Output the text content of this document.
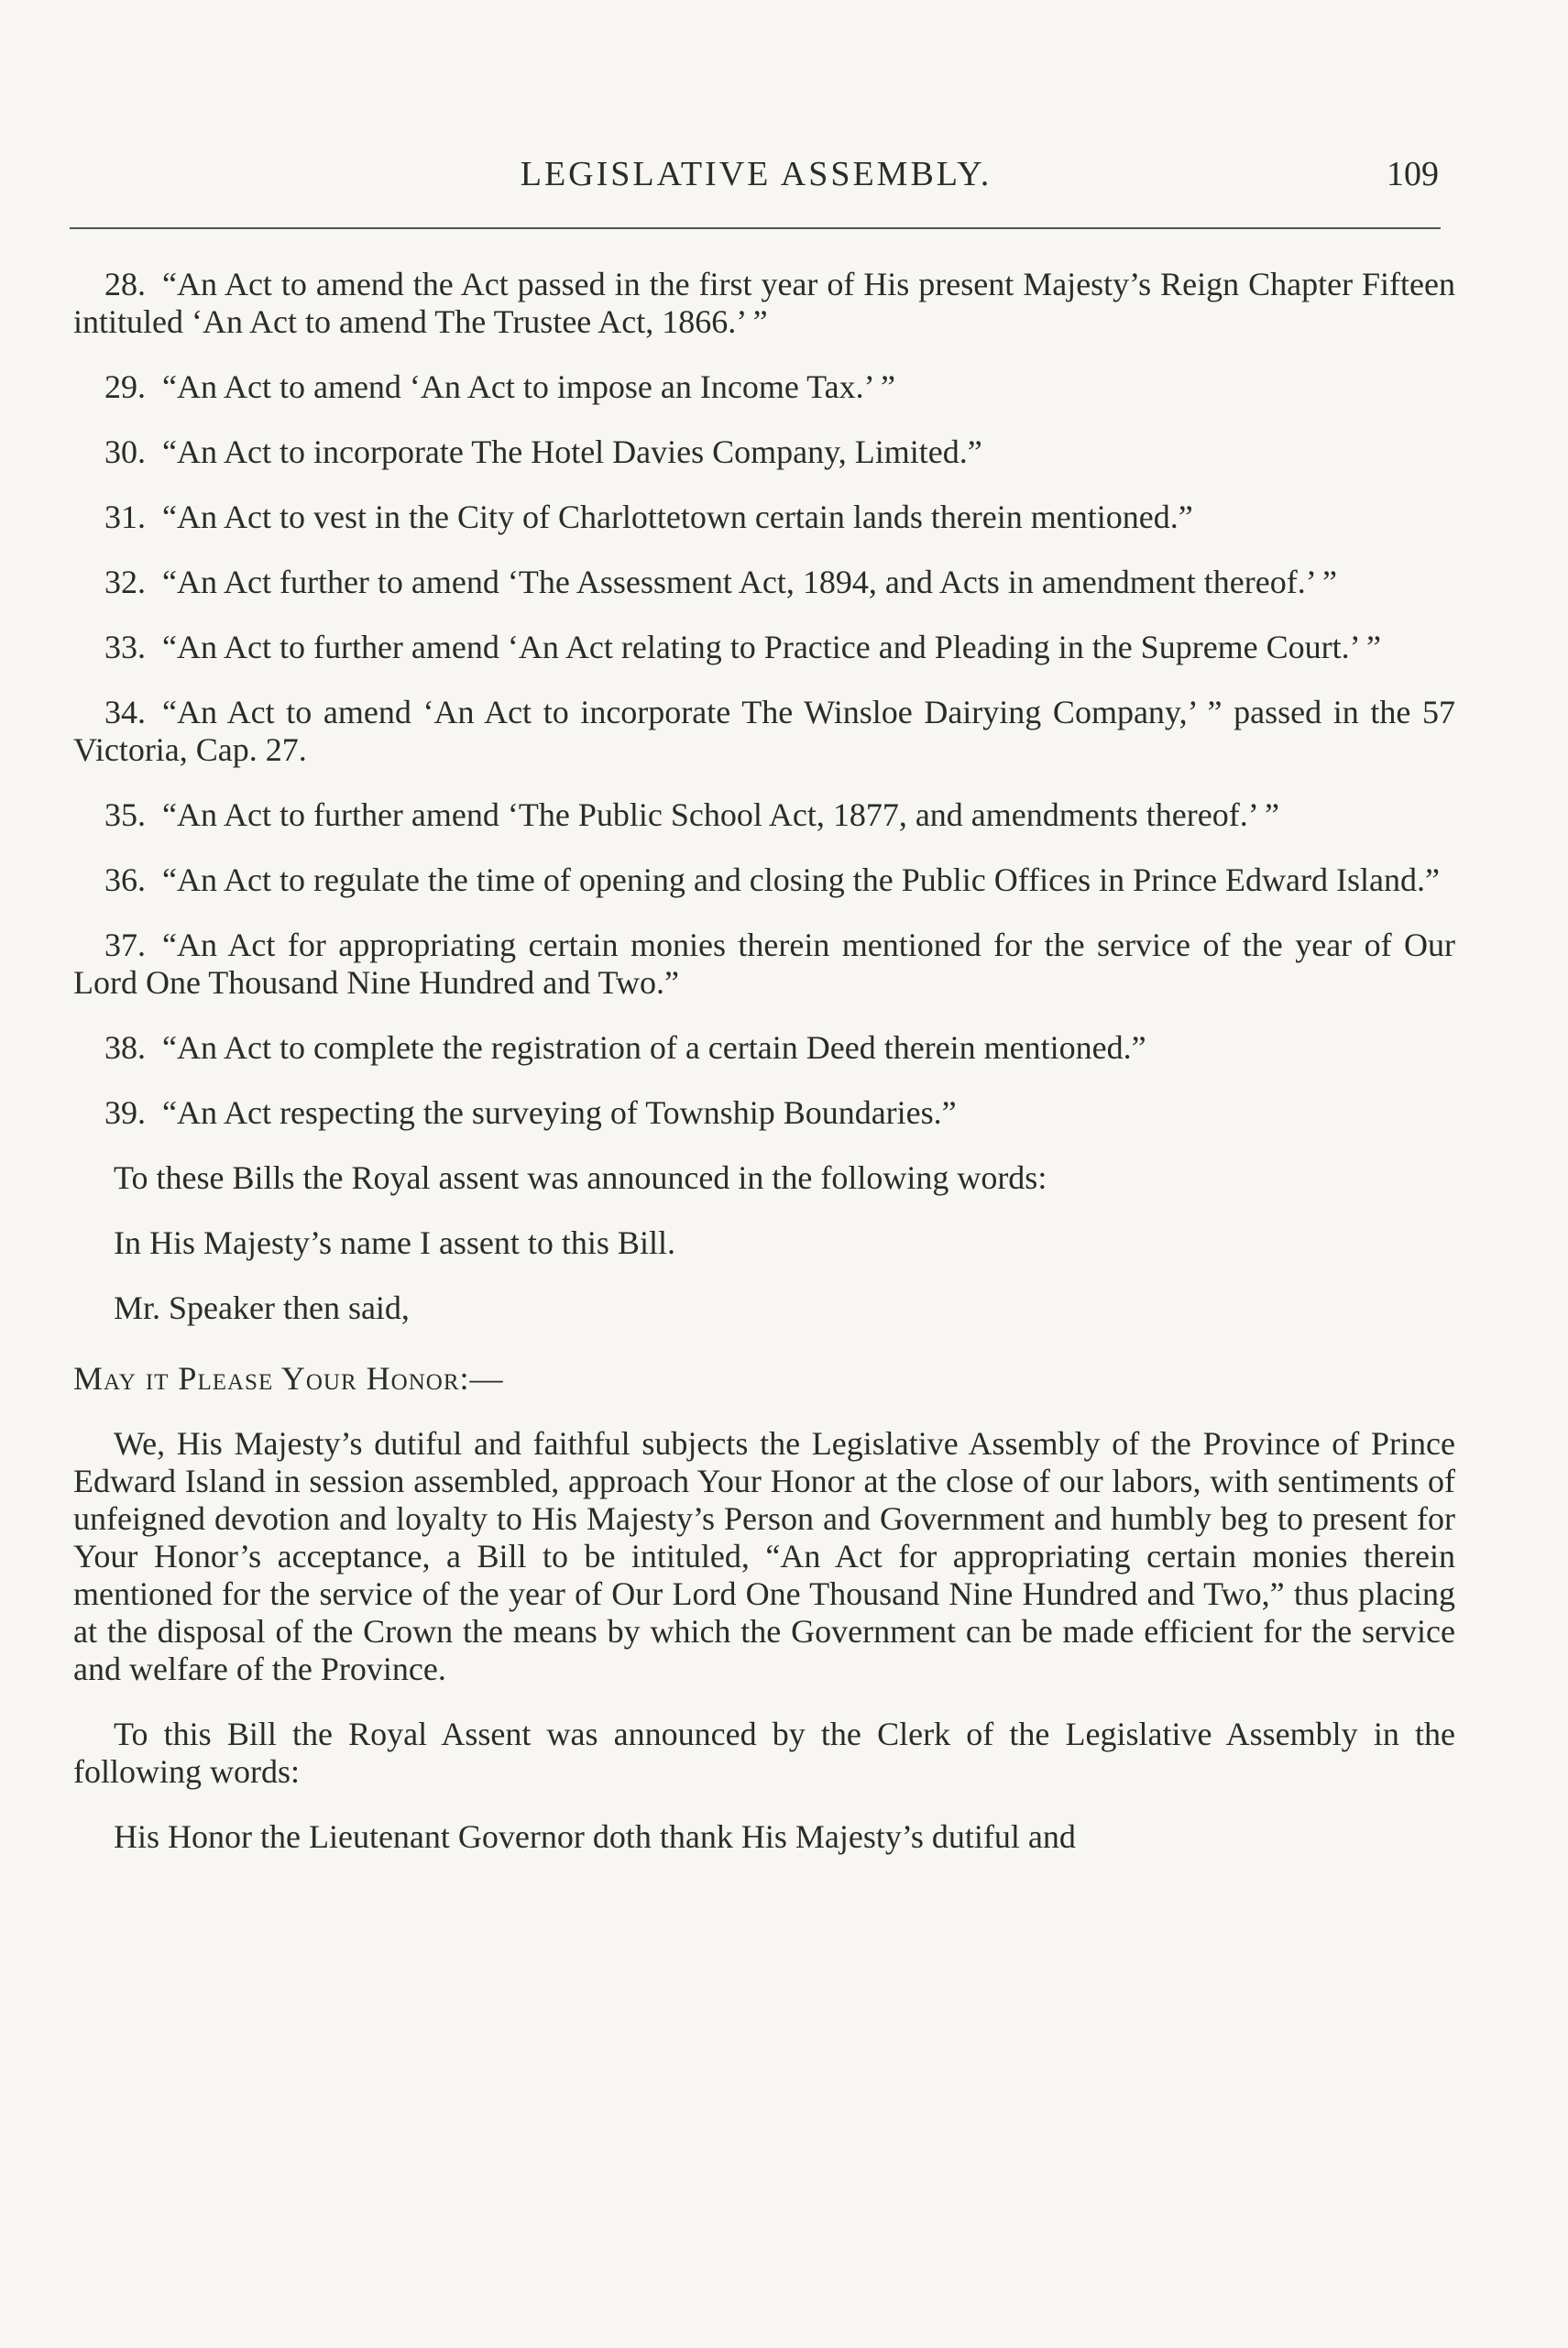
LEGISLATIVE ASSEMBLY.	109
28. “An Act to amend the Act passed in the first year of His present Majesty’s Reign Chapter Fifteen intituled ‘An Act to amend The Trustee Act, 1866.’ ”
29. “An Act to amend ‘An Act to impose an Income Tax.’ ”
30. “An Act to incorporate The Hotel Davies Company, Limited.”
31. “An Act to vest in the City of Charlottetown certain lands therein mentioned.”
32. “An Act further to amend ‘The Assessment Act, 1894, and Acts in amendment thereof.’ ”
33. “An Act to further amend ‘An Act relating to Practice and Pleading in the Supreme Court.’ ”
34. “An Act to amend ‘An Act to incorporate The Winsloe Dairying Company,’ ” passed in the 57 Victoria, Cap. 27.
35. “An Act to further amend ‘The Public School Act, 1877, and amendments thereof.’ ”
36. “An Act to regulate the time of opening and closing the Public Offices in Prince Edward Island.”
37. “An Act for appropriating certain monies therein mentioned for the service of the year of Our Lord One Thousand Nine Hundred and Two.”
38. “An Act to complete the registration of a certain Deed therein mentioned.”
39. “An Act respecting the surveying of Township Boundaries.”
To these Bills the Royal assent was announced in the following words:
In His Majesty’s name I assent to this Bill.
Mr. Speaker then said,
May it Please Your Honor:—
We, His Majesty’s dutiful and faithful subjects the Legislative Assembly of the Province of Prince Edward Island in session assembled, approach Your Honor at the close of our labors, with sentiments of unfeigned devotion and loyalty to His Majesty’s Person and Government and humbly beg to present for Your Honor’s acceptance, a Bill to be intituled, “An Act for appropriating certain monies therein mentioned for the service of the year of Our Lord One Thousand Nine Hundred and Two,” thus placing at the disposal of the Crown the means by which the Government can be made efficient for the service and welfare of the Province.
To this Bill the Royal Assent was announced by the Clerk of the Legislative Assembly in the following words:
His Honor the Lieutenant Governor doth thank His Majesty’s dutiful and
